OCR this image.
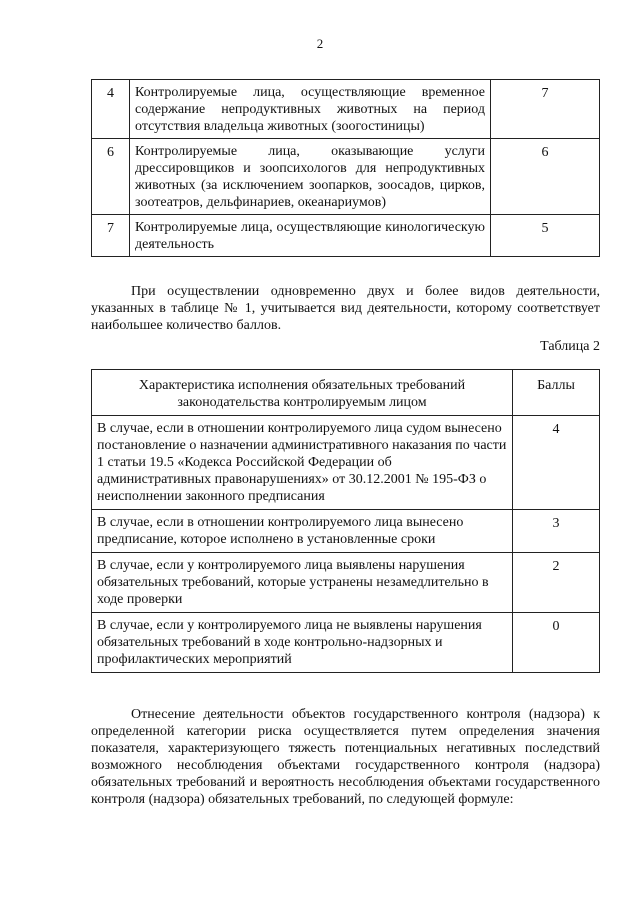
2
4	Контролируемые лица, осуществляющие временное содержание непродуктивных животных на период отсутствия владельца животных (зоогостиницы)	7
6	Контролируемые лица, оказывающие услуги дрессировщиков и зоопсихологов для непродуктивных животных (за исключением зоопарков, зоосадов, цирков, зоотеатров, дельфинариев, океанариумов)	6
7	Контролируемые лица, осуществляющие кинологическую деятельность	5
При осуществлении одновременно двух и более видов деятельности, указанных в таблице № 1, учитывается вид деятельности, которому соответствует наибольшее количество баллов.
Таблица 2
Характеристика исполнения обязательных требований законодательства контролируемым лицом	Баллы
В случае, если в отношении контролируемого лица судом вынесено постановление о назначении административного наказания по части 1 статьи 19.5 «Кодекса Российской Федерации об административных правонарушениях» от 30.12.2001 № 195-ФЗ о неисполнении законного предписания	4
В случае, если в отношении контролируемого лица вынесено предписание, которое исполнено в установленные сроки	3
В случае, если у контролируемого лица выявлены нарушения обязательных требований, которые устранены незамедлительно в ходе проверки	2
В случае, если у контролируемого лица не выявлены нарушения обязательных требований в ходе контрольно-надзорных и профилактических мероприятий	0
Отнесение деятельности объектов государственного контроля (надзора) к определенной категории риска осуществляется путем определения значения показателя, характеризующего тяжесть потенциальных негативных последствий возможного несоблюдения объектами государственного контроля (надзора) обязательных требований и вероятность несоблюдения объектами государственного контроля (надзора) обязательных требований, по следующей формуле:
